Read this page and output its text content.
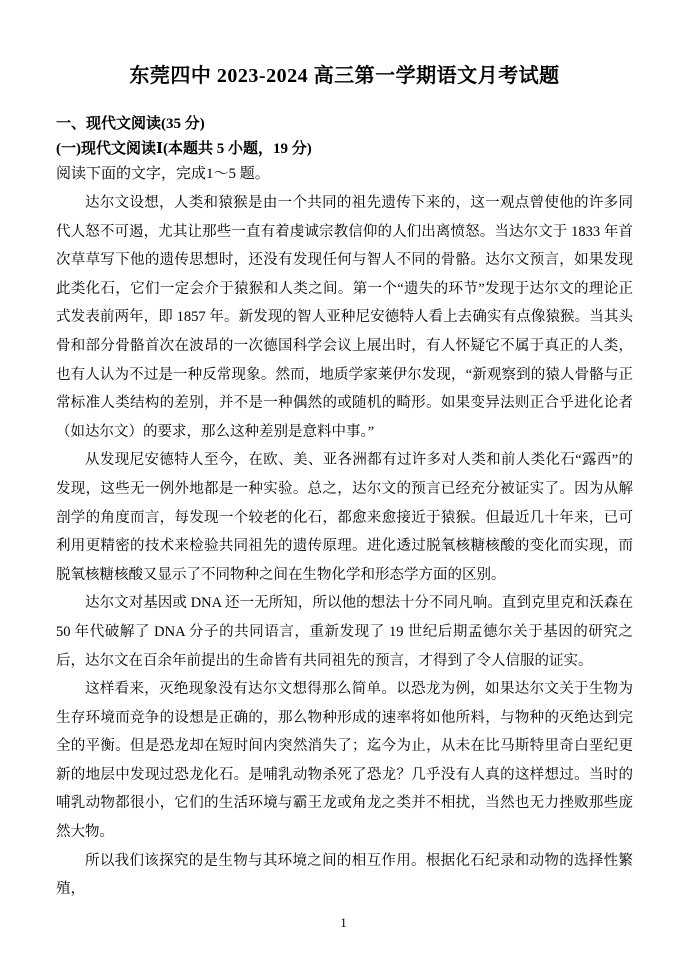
东莞四中 2023-2024 高三第一学期语文月考试题
一、现代文阅读(35 分)
(一)现代文阅读Ⅰ(本题共 5 小题，19 分)
阅读下面的文字，完成1～5 题。

达尔文设想，人类和猿猴是由一个共同的祖先遗传下来的，这一观点曾使他的许多同代人怒不可遏，尤其让那些一直有着虔诚宗教信仰的人们出离愤怒。当达尔文于 1833 年首次草草写下他的遗传思想时，还没有发现任何与智人不同的骨骼。达尔文预言，如果发现此类化石，它们一定会介于猿猴和人类之间。第一个“遗失的环节”发现于达尔文的理论正式发表前两年，即 1857 年。新发现的智人亚种尼安德特人看上去确实有点像猿猴。当其头骨和部分骨骼首次在波昂的一次德国科学会议上展出时，有人怀疑它不属于真正的人类，也有人认为不过是一种反常现象。然而，地质学家莱伊尔发现，“新观察到的猿人骨骼与正常标准人类结构的差别，并不是一种偶然的或随机的畸形。如果变异法则正合乎进化论者（如达尔文）的要求，那么这种差别是意料中事。”

从发现尼安德特人至今，在欧、美、亚各洲都有过许多对人类和前人类化石“露西”的发现，这些无一例外地都是一种实验。总之，达尔文的预言已经充分被证实了。因为从解剖学的角度而言，每发现一个较老的化石，都愈来愈接近于猿猴。但最近几十年来，已可利用更精密的技术来检验共同祖先的遗传原理。进化透过脱氧核糖核酸的变化而实现，而脱氧核糖核酸又显示了不同物种之间在生物化学和形态学方面的区别。

达尔文对基因或 DNA 还一无所知，所以他的想法十分不同凡响。直到克里克和沃森在 50 年代破解了 DNA 分子的共同语言，重新发现了 19 世纪后期孟德尔关于基因的研究之后，达尔文在百余年前提出的生命皆有共同祖先的预言，才得到了令人信服的证实。

这样看来，灭绝现象没有达尔文想得那么简单。以恐龙为例，如果达尔文关于生物为生存环境而竞争的设想是正确的，那么物种形成的速率将如他所料，与物种的灭绝达到完全的平衡。但是恐龙却在短时间内突然消失了；迄今为止，从未在比马斯特里奇白垩纪更新的地层中发现过恐龙化石。是哺乳动物杀死了恐龙？几乎没有人真的这样想过。当时的哺乳动物都很小，它们的生活环境与霸王龙或角龙之类并不相扰，当然也无力挫败那些庞然大物。

所以我们该探究的是生物与其环境之间的相互作用。根据化石纪录和动物的选择性繁殖，

1
